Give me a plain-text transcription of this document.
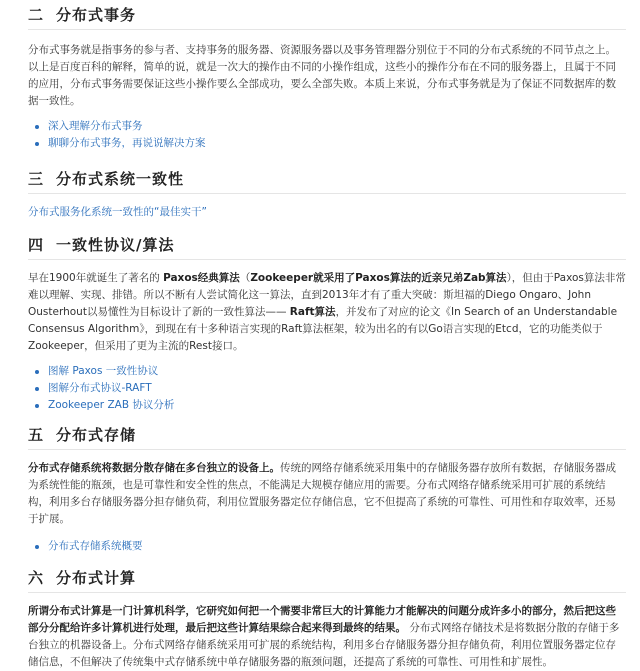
二 分布式事务

分布式事务就是指事务的参与者、支持事务的服务器、资源服务器以及事务管理器分别位于不同的分布式系统的不同节点之上。以上是百度百科的解释，简单的说，就是一次大的操作由不同的小操作组成，这些小的操作分布在不同的服务器上，且属于不同的应用，分布式事务需要保证这些小操作要么全部成功，要么全部失败。本质上来说，分布式事务就是为了保证不同数据库的数据一致性。

深入理解分布式事务
聊聊分布式事务，再说说解决方案
三 分布式系统一致性
分布式服务化系统一致性的“最佳实干”
四 一致性协议/算法

早在1900年就诞生了著名的 Paxos经典算法（Zookeeper就采用了Paxos算法的近亲兄弟Zab算法），但由于Paxos算法非常难以理解、实现、排错。所以不断有人尝试简化这一算法，直到2013年才有了重大突破：斯坦福的Diego Ongaro、John Ousterhout以易懂性为目标设计了新的一致性算法—— Raft算法，并发布了对应的论文《In Search of an Understandable Consensus Algorithm》，到现在有十多种语言实现的Raft算法框架，较为出名的有以Go语言实现的Etcd，它的功能类似于Zookeeper，但采用了更为主流的Rest接口。

图解 Paxos 一致性协议
图解分布式协议-RAFT
Zookeeper ZAB 协议分析
五 分布式存储

分布式存储系统将数据分散存储在多台独立的设备上。传统的网络存储系统采用集中的存储服务器存放所有数据，存储服务器成为系统性能的瓶颈，也是可靠性和安全性的焦点，不能满足大规模存储应用的需要。分布式网络存储系统采用可扩展的系统结构，利用多台存储服务器分担存储负荷，利用位置服务器定位存储信息，它不但提高了系统的可靠性、可用性和存取效率，还易于扩展。

分布式存储系统概要
六 分布式计算

所谓分布式计算是一门计算机科学，它研究如何把一个需要非常巨大的计算能力才能解决的问题分成许多小的部分，然后把这些部分分配给许多计算机进行处理，最后把这些计算结果综合起来得到最终的结果。 分布式网络存储技术是将数据分散的存储于多台独立的机器设备上。分布式网络存储系统采用可扩展的系统结构，利用多台存储服务器分担存储负荷，利用位置服务器定位存储信息，不但解决了传统集中式存储系统中单存储服务器的瓶颈问题，还提高了系统的可靠性、可用性和扩展性。
